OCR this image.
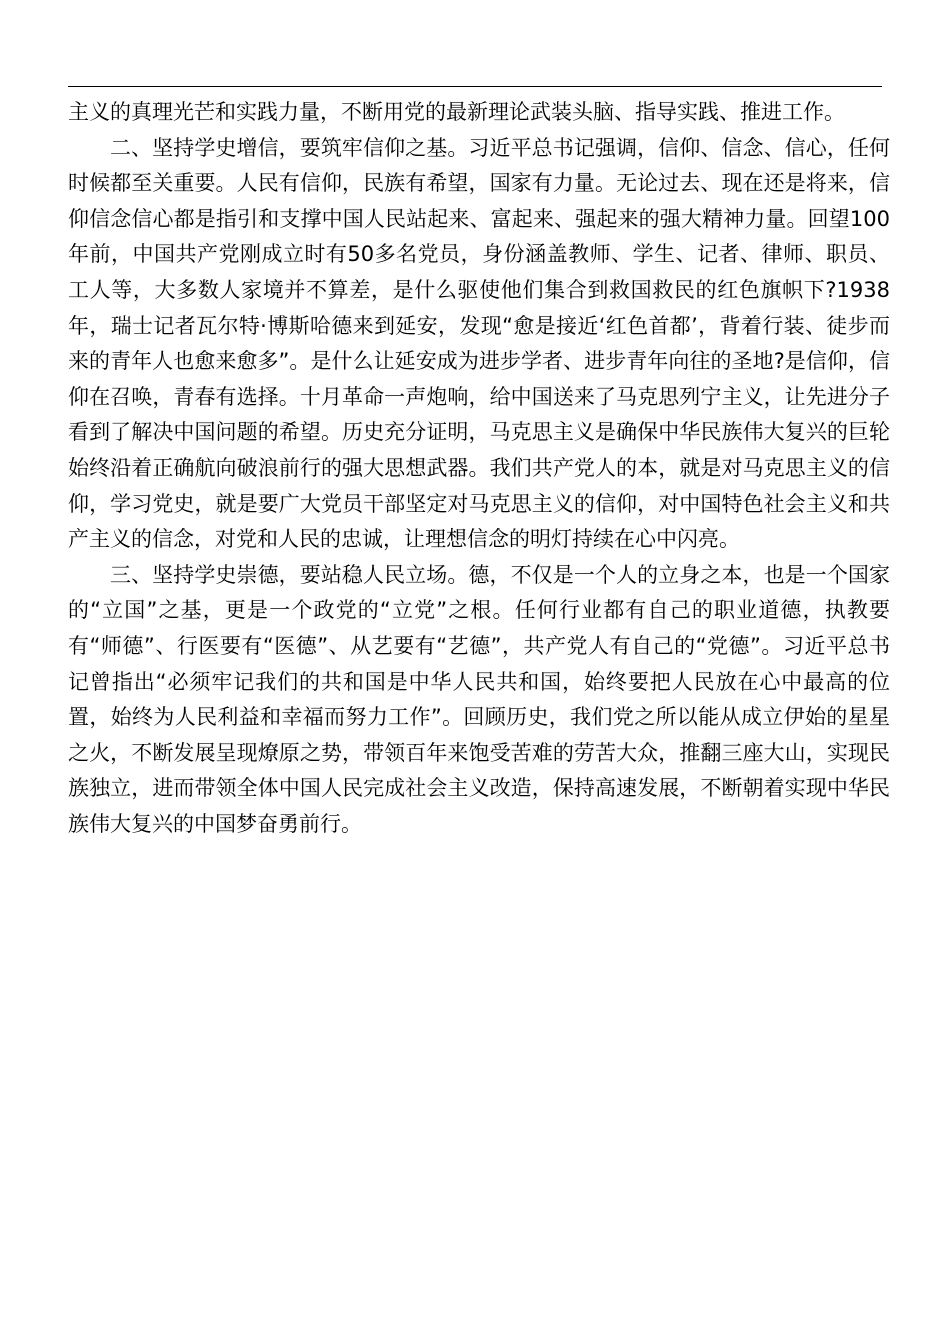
主义的真理光芒和实践力量，不断用党的最新理论武装头脑、指导实践、推进工作。

二、坚持学史增信，要筑牢信仰之基。习近平总书记强调，信仰、信念、信心，任何时候都至关重要。人民有信仰，民族有希望，国家有力量。无论过去、现在还是将来，信仰信念信心都是指引和支撑中国人民站起来、富起来、强起来的强大精神力量。回望100年前，中国共产党刚成立时有50多名党员，身份涵盖教师、学生、记者、律师、职员、工人等，大多数人家境并不算差，是什么驱使他们集合到救国救民的红色旗帜下?1938年，瑞士记者瓦尔特·博斯哈德来到延安，发现“愈是接近‘红色首都’，背着行装、徒步而来的青年人也愈来愈多”。是什么让延安成为进步学者、进步青年向往的圣地?是信仰，信仰在召唤，青春有选择。十月革命一声炮响，给中国送来了马克思列宁主义，让先进分子看到了解决中国问题的希望。历史充分证明，马克思主义是确保中华民族伟大复兴的巨轮始终沿着正确航向破浪前行的强大思想武器。我们共产党人的本，就是对马克思主义的信仰，学习党史，就是要广大党员干部坚定对马克思主义的信仰，对中国特色社会主义和共产主义的信念，对党和人民的忠诚，让理想信念的明灯持续在心中闪亮。

三、坚持学史崇德，要站稳人民立场。德，不仅是一个人的立身之本，也是一个国家的“立国”之基，更是一个政党的“立党”之根。任何行业都有自己的职业道德，执教要有“师德”、行医要有“医德”、从艺要有“艺德”，共产党人有自己的“党德”。习近平总书记曾指出“必须牢记我们的共和国是中华人民共和国，始终要把人民放在心中最高的位置，始终为人民利益和幸福而努力工作”。回顾历史，我们党之所以能从成立伊始的星星之火，不断发展呈现燎原之势，带领百年来饱受苦难的劳苦大众，推翻三座大山，实现民族独立，进而带领全体中国人民完成社会主义改造，保持高速发展，不断朝着实现中华民族伟大复兴的中国梦奋勇前行。
